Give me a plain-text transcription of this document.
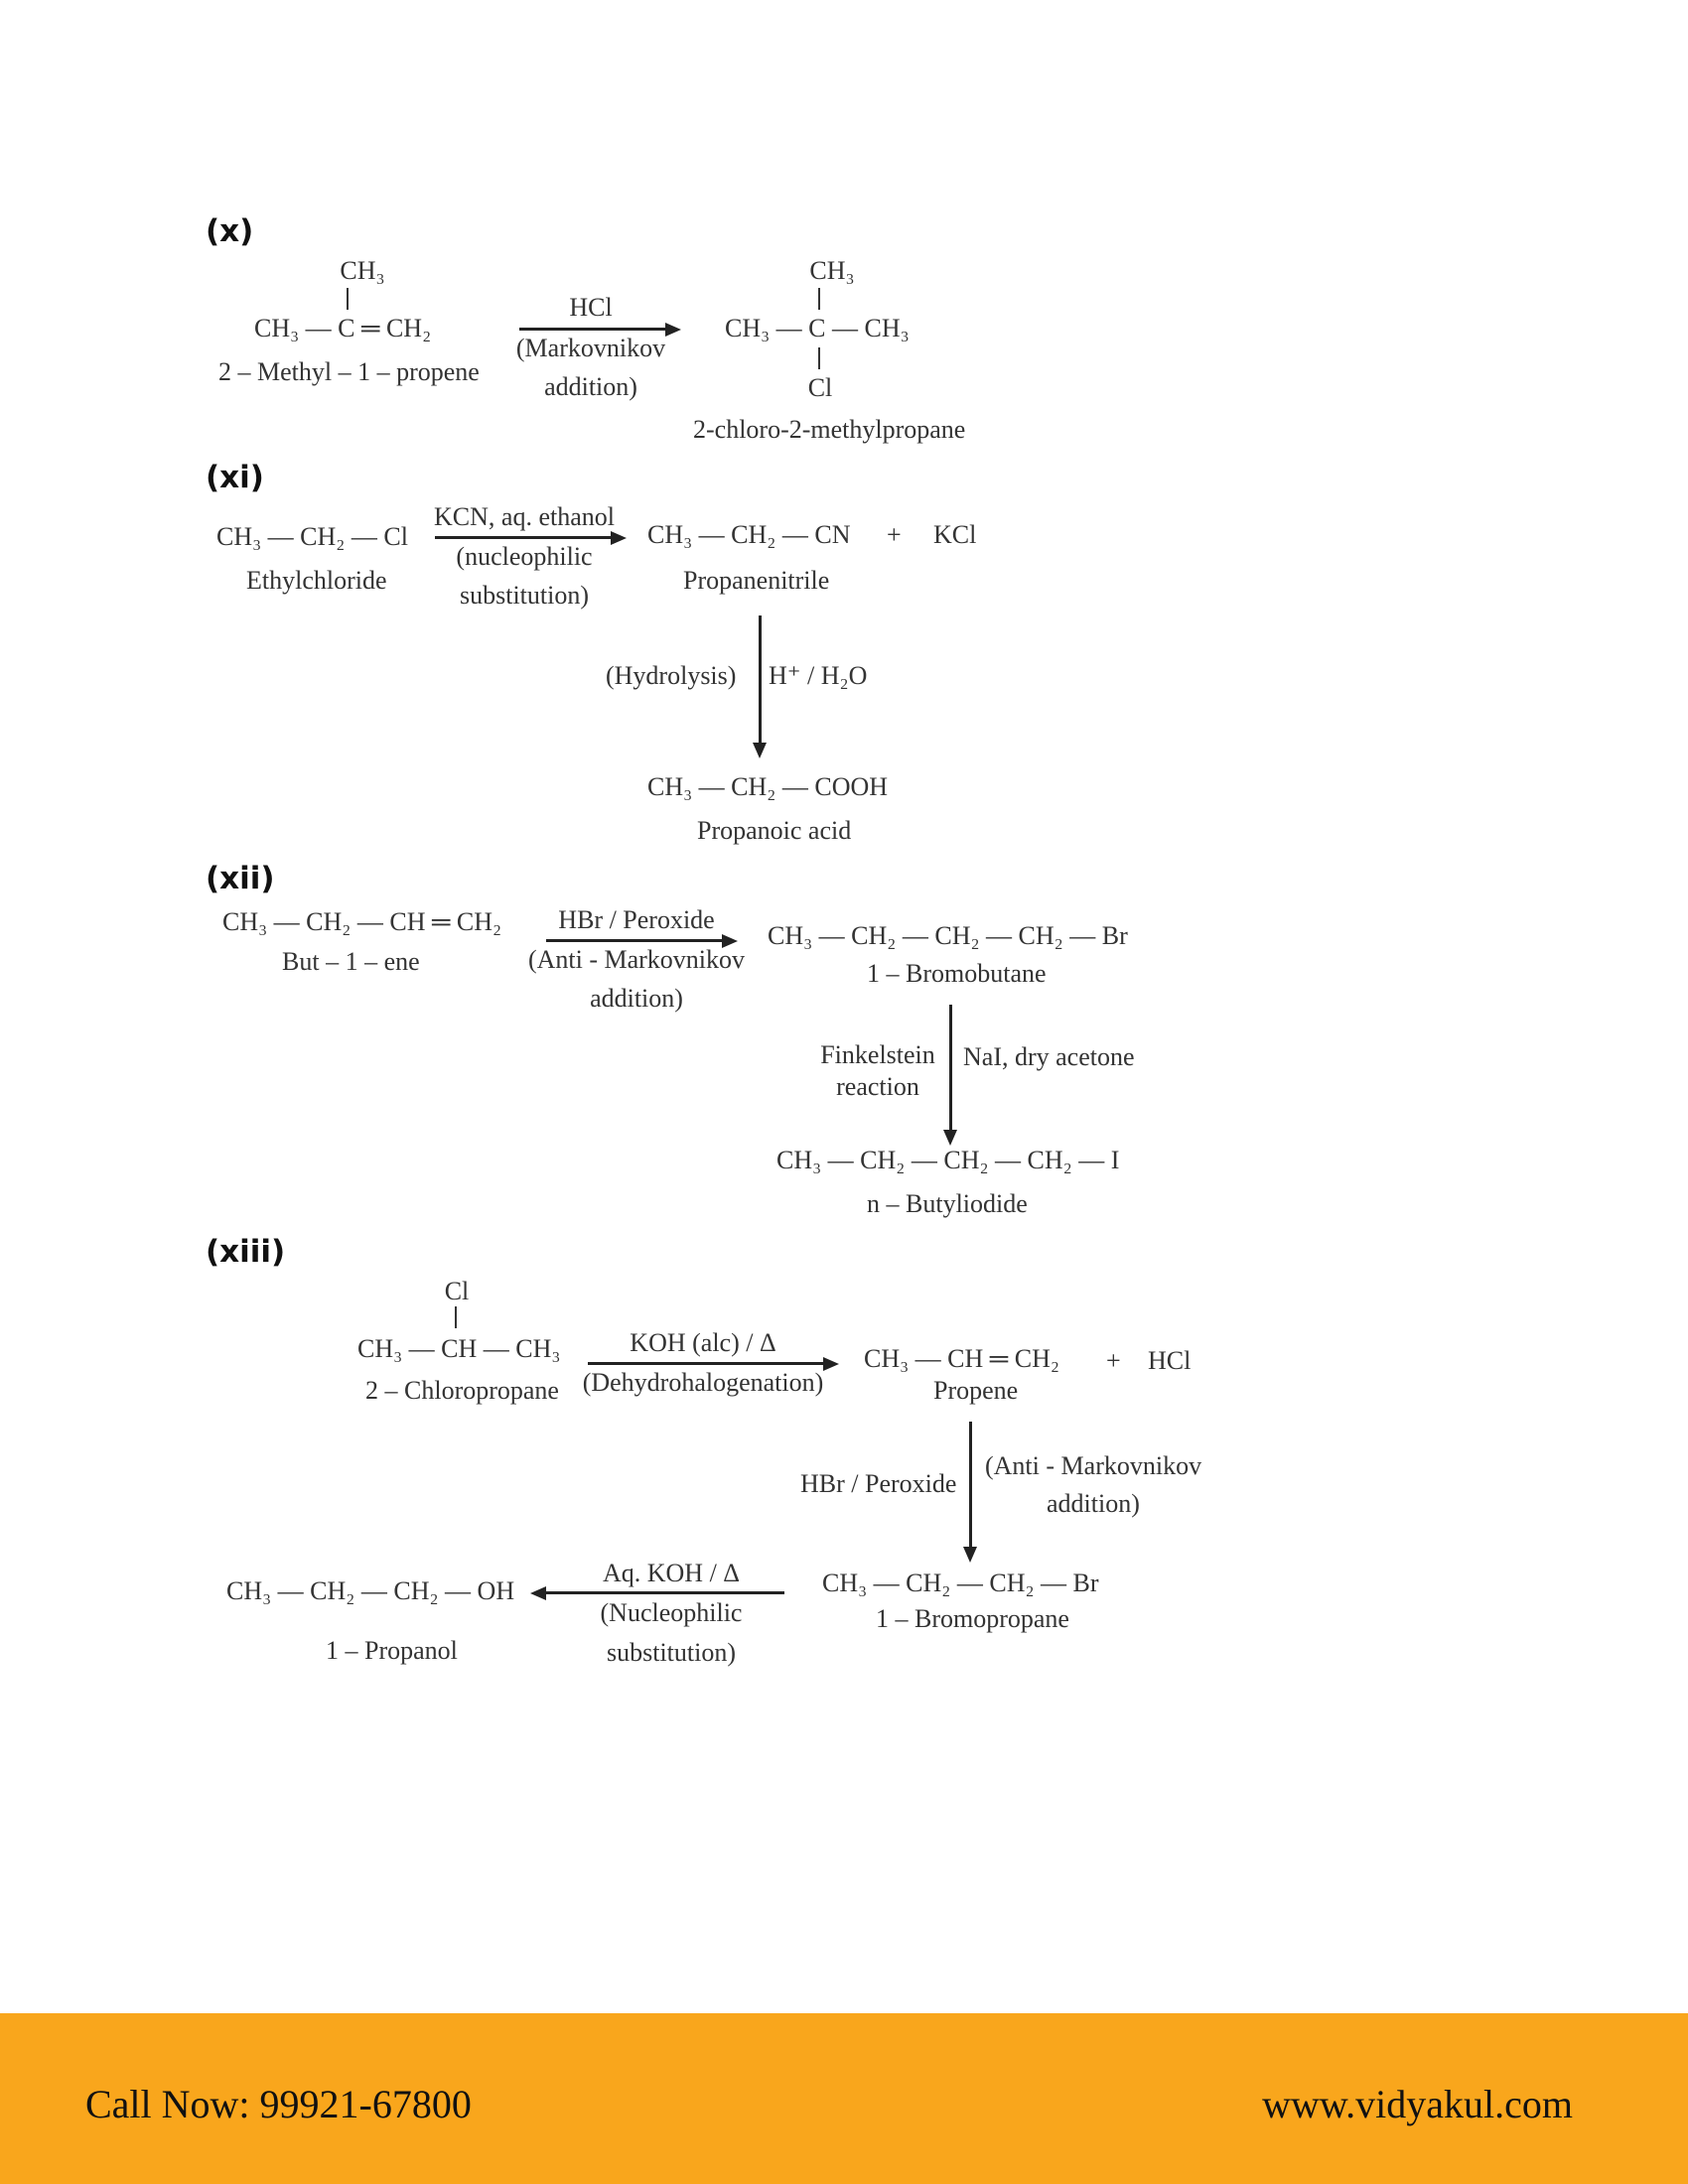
(x)
CH₃
CH₃ — C ═ CH₂
2 – Methyl – 1 – propene
HCl
(Markovnikov
addition)
CH₃
CH₃ — C — CH₃
Cl
2-chloro-2-methylpropane
(xi)
CH₃ — CH₂ — Cl
Ethylchloride
KCN, aq. ethanol
(nucleophilic
substitution)
CH₃ — CH₂ — CN + KCl
Propanenitrile
(Hydrolysis) H⁺ / H₂O
CH₃ — CH₂ — COOH
Propanoic acid
(xii)
CH₃ — CH₂ — CH ═ CH₂
But – 1 – ene
HBr / Peroxide
(Anti - Markovnikov
addition)
CH₃ — CH₂ — CH₂ — CH₂ — Br
1 – Bromobutane
Finkelstein
reaction
NaI, dry acetone
CH₃ — CH₂ — CH₂ — CH₂ — I
n – Butyliodide
(xiii)
Cl
CH₃ — CH — CH₃
2 – Chloropropane
KOH (alc) / Δ
(Dehydrohalogenation)
CH₃ — CH ═ CH₂ + HCl
Propene
HBr / Peroxide
(Anti - Markovnikov
addition)
CH₃ — CH₂ — CH₂ — Br
1 – Bromopropane
Aq. KOH / Δ
(Nucleophilic
substitution)
CH₃ — CH₂ — CH₂ — OH
1 – Propanol
Call Now: 99921-67800	www.vidyakul.com
